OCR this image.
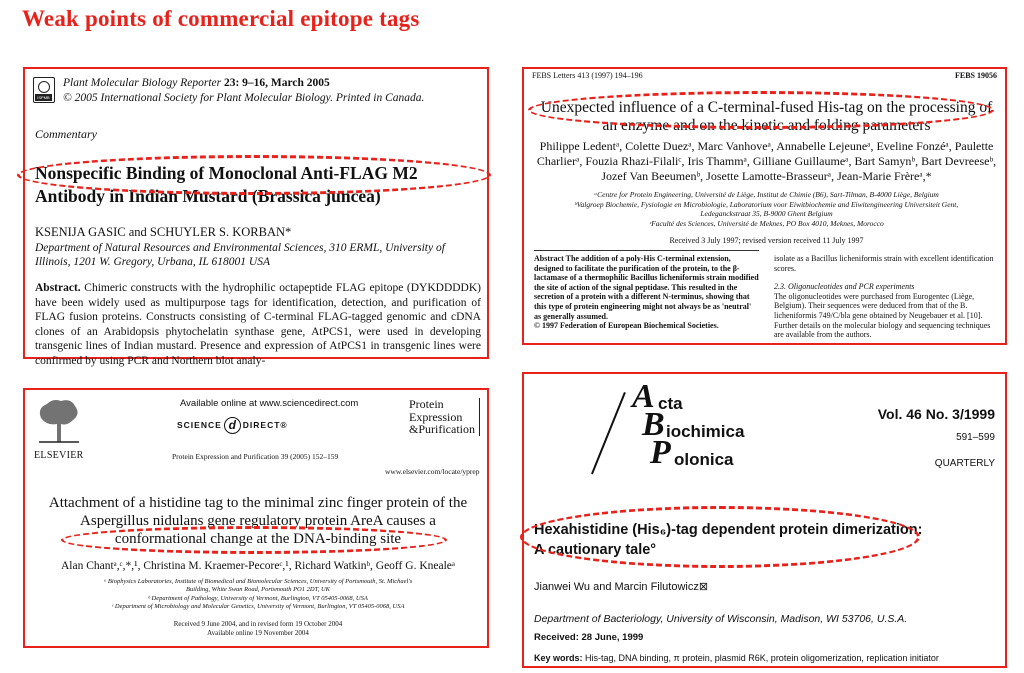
Weak points of commercial epitope tags
ISPMB
Plant Molecular Biology Reporter 23: 9–16, March 2005
© 2005 International Society for Plant Molecular Biology. Printed in Canada.
Commentary
Nonspecific Binding of Monoclonal Anti-FLAG M2
Antibody in Indian Mustard (Brassica juncea)
KSENIJA GASIC and SCHUYLER S. KORBAN*
Department of Natural Resources and Environmental Sciences, 310 ERML, University of
Illinois, 1201 W. Gregory, Urbana, IL 618001 USA
Abstract. Chimeric constructs with the hydrophilic octapeptide FLAG epitope (DYKDDDDK) have been widely used as multipurpose tags for identification, detection, and purification of FLAG fusion proteins. Constructs consisting of C-terminal FLAG-tagged genomic and cDNA clones of an Arabidopsis phytochelatin synthase gene, AtPCS1, were used in developing transgenic lines of Indian mustard. Presence and expression of AtPCS1 in transgenic lines were confirmed by using PCR and Northern blot analy-
FEBS Letters 413 (1997) 194–196	FEBS 19056
Unexpected influence of a C-terminal-fused His-tag on the processing of an enzyme and on the kinetic and folding parameters
Philippe Ledentᵃ, Colette Duezᵃ, Marc Vanhoveᵃ, Annabelle Lejeuneᵃ, Eveline Fonzéᵃ, Paulette Charlierᵃ, Fouzia Rhazi-Filaliᶜ, Iris Thammᵃ, Gilliane Guillaumeᵃ, Bart Samynᵇ, Bart Devreeseᵇ, Jozef Van Beeumenᵇ, Josette Lamotte-Brasseurᵃ, Jean-Marie Frèreᵃ,*
ᵃCentre for Protein Engineering, Université de Liège, Institut de Chimie (B6), Sart-Tilman, B-4000 Liège, Belgium
ᵇValgroep Biochemie, Fysiologie en Microbiologie, Laboratorium voor Eiwitbiochemie and Eiwitengineering Universiteit Gent,
Ledeganckstraat 35, B-9000 Ghent Belgium
ᶜFaculté des Sciences, Université de Meknes, PO Box 4010, Meknes, Morocco
Received 3 July 1997; revised version received 11 July 1997
Abstract The addition of a poly-His C-terminal extension, designed to facilitate the purification of the protein, to the β-lactamase of a thermophilic Bacillus licheniformis strain modified the site of action of the signal peptidase. This resulted in the secretion of a protein with a different N-terminus, showing that this type of protein engineering might not always be as 'neutral' as generally assumed.
© 1997 Federation of European Biochemical Societies.
isolate as a Bacillus licheniformis strain with excellent identification scores.
2.3. Oligonucleotides and PCR experiments
The oligonucleotides were purchased from Eurogentec (Liège, Belgium). Their sequences were deduced from that of the B. licheniformis 749/C/bla gene obtained by Neugebauer et al. [10]. Further details on the molecular biology and sequencing techniques are available from the authors.
ELSEVIER
Available online at www.sciencedirect.com
SCIENCE d DIRECT®
Protein Expression and Purification 39 (2005) 152–159
Protein
Expression
&Purification
www.elsevier.com/locate/yprep
Attachment of a histidine tag to the minimal zinc finger protein of the Aspergillus nidulans gene regulatory protein AreA causes a conformational change at the DNA-binding site
Alan Chantᵃ,ᶜ,*,¹, Christina M. Kraemer-Pecoreᶜ,¹, Richard Watkinᵇ, Geoff G. Knealeᵃ
ᵃ Biophysics Laboratories, Institute of Biomedical and Biomolecular Sciences, University of Portsmouth, St. Michael's
Building, White Swan Road, Portsmouth PO1 2DT, UK
ᵇ Department of Pathology, University of Vermont, Burlington, VT 05405-0068, USA
ᶜ Department of Microbiology and Molecular Genetics, University of Vermont, Burlington, VT 05405-0068, USA
Received 9 June 2004, and in revised form 19 October 2004
Available online 19 November 2004
A cta
B iochimica
P olonica
Vol. 46 No. 3/1999
591–599
QUARTERLY
Hexahistidine (His₆)-tag dependent protein dimerization:
A cautionary tale°
Jianwei Wu and Marcin Filutowicz⊠
Department of Bacteriology, University of Wisconsin, Madison, WI 53706, U.S.A.
Received: 28 June, 1999
Key words: His-tag, DNA binding, π protein, plasmid R6K, protein oligomerization, replication initiator
